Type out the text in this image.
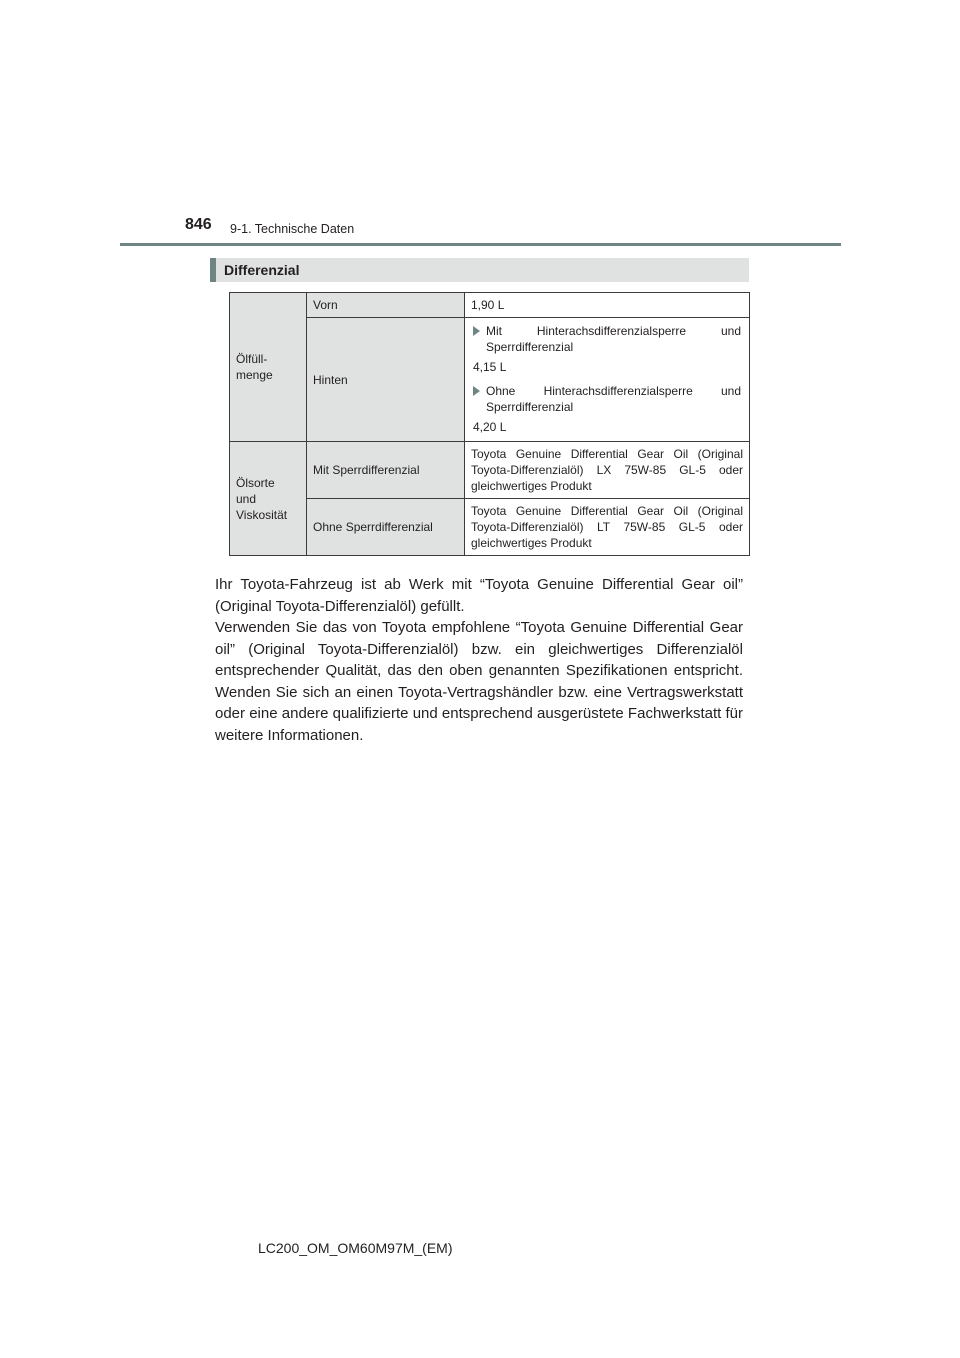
846 9-1. Technische Daten
Differenzial
Ölfüll-
menge	Vorn	1,90 L
	Hinten	Mit Hinterachsdifferenzialsperre und Sperrdifferenzial
4,15 L
Ohne Hinterachsdifferenzialsperre und Sperrdifferenzial
4,20 L

Ölsorte
und
Viskosität	Mit Sperrdifferenzial	Toyota Genuine Differential Gear Oil (Original Toyota-Differenzialöl) LX 75W-85 GL-5 oder gleichwertiges Produkt
	Ohne Sperrdifferenzial	Toyota Genuine Differential Gear Oil (Original Toyota-Differenzialöl) LT 75W-85 GL-5 oder gleichwertiges Produkt

Ihr Toyota-Fahrzeug ist ab Werk mit “Toyota Genuine Differential Gear oil” (Original Toyota-Differenzialöl) gefüllt.

Verwenden Sie das von Toyota empfohlene “Toyota Genuine Differential Gear oil” (Original Toyota-Differenzialöl) bzw. ein gleichwertiges Differenzialöl entsprechender Qualität, das den oben genannten Spezifikationen entspricht. Wenden Sie sich an einen Toyota-Vertragshändler bzw. eine Vertragswerkstatt oder eine andere qualifizierte und entsprechend ausgerüstete Fachwerkstatt für weitere Informationen.

LC200_OM_OM60M97M_(EM)
